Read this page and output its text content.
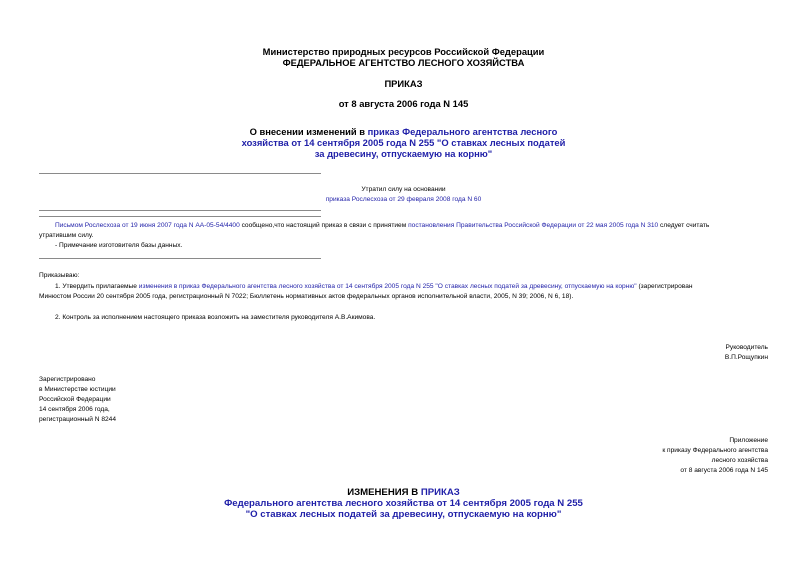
Министерство природных ресурсов Российской Федерации
ФЕДЕРАЛЬНОЕ АГЕНТСТВО ЛЕСНОГО ХОЗЯЙСТВА
ПРИКАЗ
от 8 августа 2006 года N 145
О внесении изменений в приказ Федерального агентства лесного
хозяйства от 14 сентября 2005 года N 255 "О ставках лесных податей
за древесину, отпускаемую на корню"
Утратил силу на основании
приказа Рослесхоза от 29 февраля 2008 года N 60
Письмом Рослесхоза от 19 июня 2007 года N АА-05-54/4400 сообщено,что настоящий приказ в связи с принятием постановления Правительства Российской Федерации от 22 мая 2005 года N 310 следует считать
утратившим силу.
- Примечание изготовителя базы данных.
Приказываю:
1. Утвердить прилагаемые изменения в приказ Федерального агентства лесного хозяйства от 14 сентября 2005 года N 255 "О ставках лесных податей за древесину, отпускаемую на корню" (зарегистрирован
Минюстом России 20 сентября 2005 года, регистрационный N 7022; Бюллетень нормативных актов федеральных органов исполнительной власти, 2005, N 39; 2006, N 6, 18).
2. Контроль за исполнением настоящего приказа возложить на заместителя руководителя А.В.Акимова.
Руководитель
В.П.Рощупкин
Зарегистрировано
в Министерстве юстиции
Российской Федерации
14 сентября 2006 года,
регистрационный N 8244
Приложение
к приказу Федерального агентства
лесного хозяйства
от 8 августа 2006 года N 145
ИЗМЕНЕНИЯ В ПРИКАЗ
Федерального агентства лесного хозяйства от 14 сентября 2005 года N 255
"О ставках лесных податей за древесину, отпускаемую на корню"
